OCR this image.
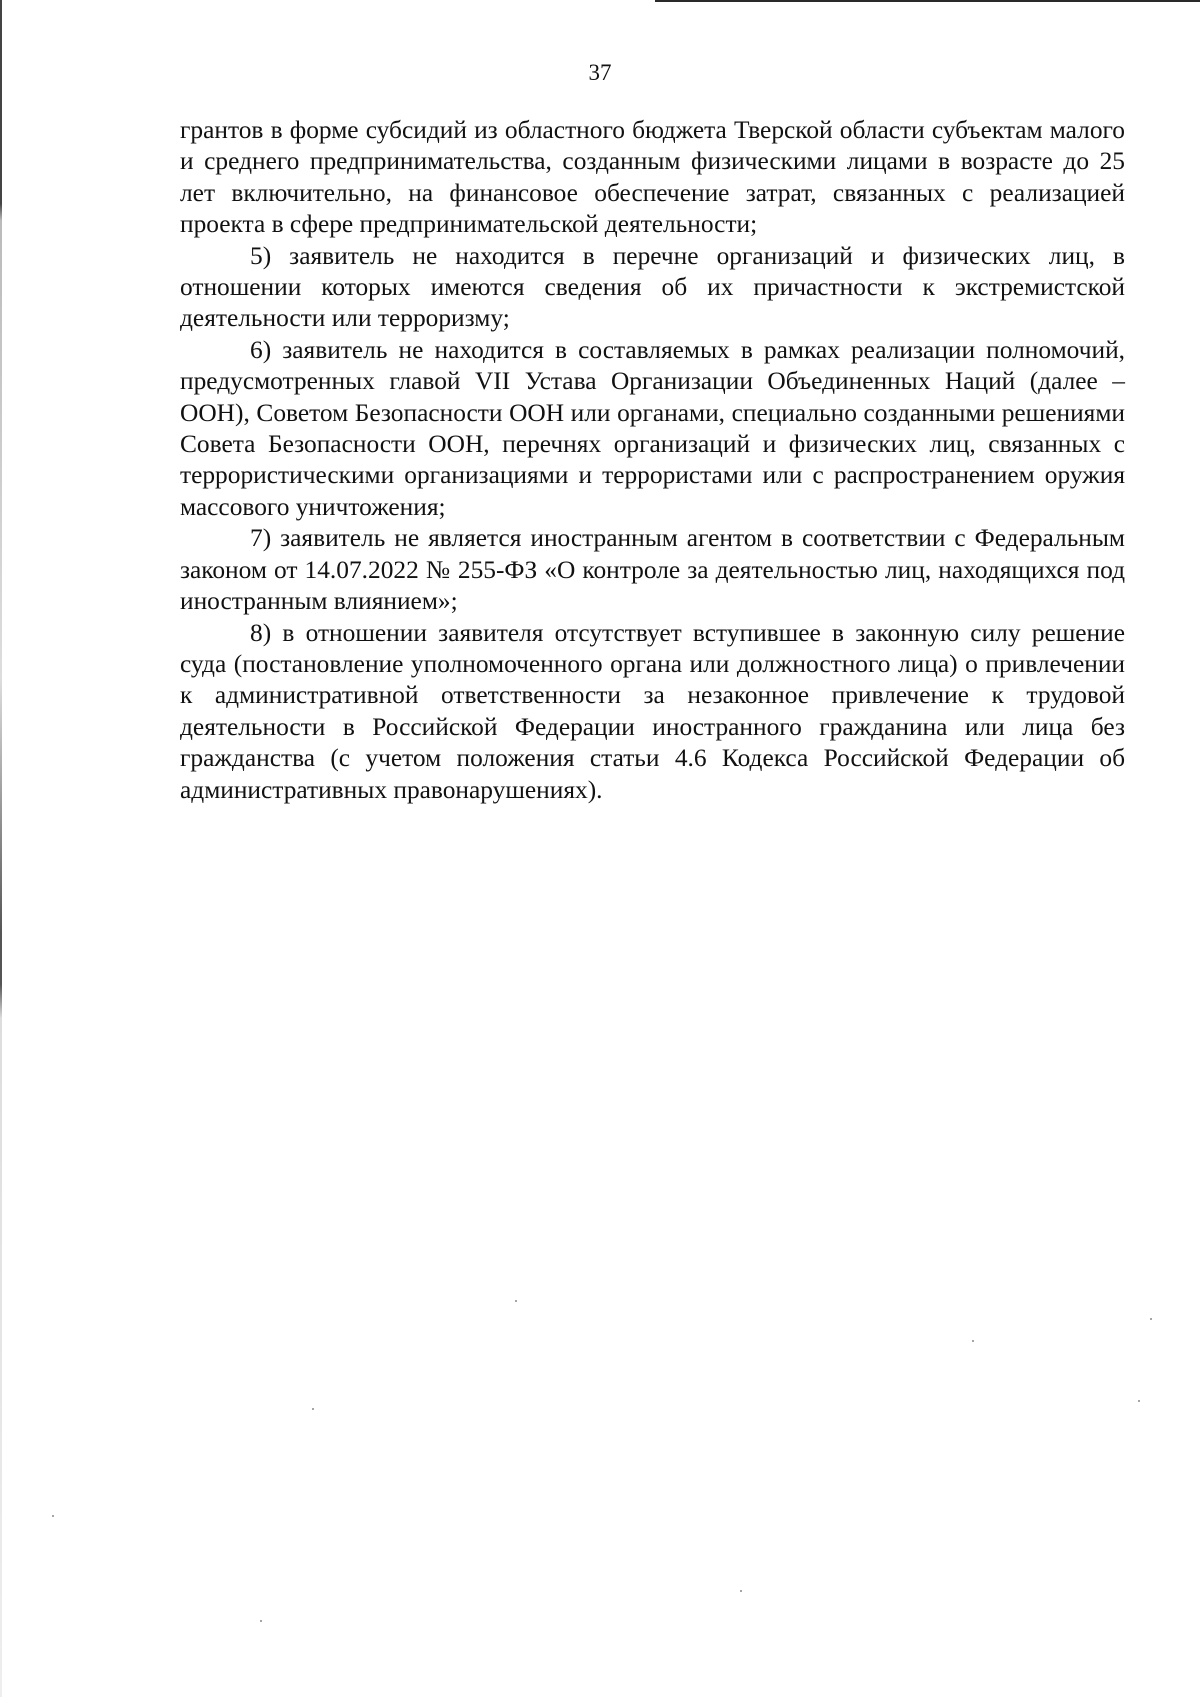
37

грантов в форме субсидий из областного бюджета Тверской области субъектам малого и среднего предпринимательства, созданным физическими лицами в возрасте до 25 лет включительно, на финансовое обеспечение затрат, связанных с реализацией проекта в сфере предпринимательской деятельности;

5) заявитель не находится в перечне организаций и физических лиц, в отношении которых имеются сведения об их причастности к экстремистской деятельности или терроризму;

6) заявитель не находится в составляемых в рамках реализации полномочий, предусмотренных главой VII Устава Организации Объединенных Наций (далее – ООН), Советом Безопасности ООН или органами, специально созданными решениями Совета Безопасности ООН, перечнях организаций и физических лиц, связанных с террористическими организациями и террористами или с распространением оружия массового уничтожения;

7) заявитель не является иностранным агентом в соответствии с Федеральным законом от 14.07.2022 № 255-ФЗ «О контроле за деятельностью лиц, находящихся под иностранным влиянием»;

8) в отношении заявителя отсутствует вступившее в законную силу решение суда (постановление уполномоченного органа или должностного лица) о привлечении к административной ответственности за незаконное привлечение к трудовой деятельности в Российской Федерации иностранного гражданина или лица без гражданства (с учетом положения статьи 4.6 Кодекса Российской Федерации об административных правонарушениях).
